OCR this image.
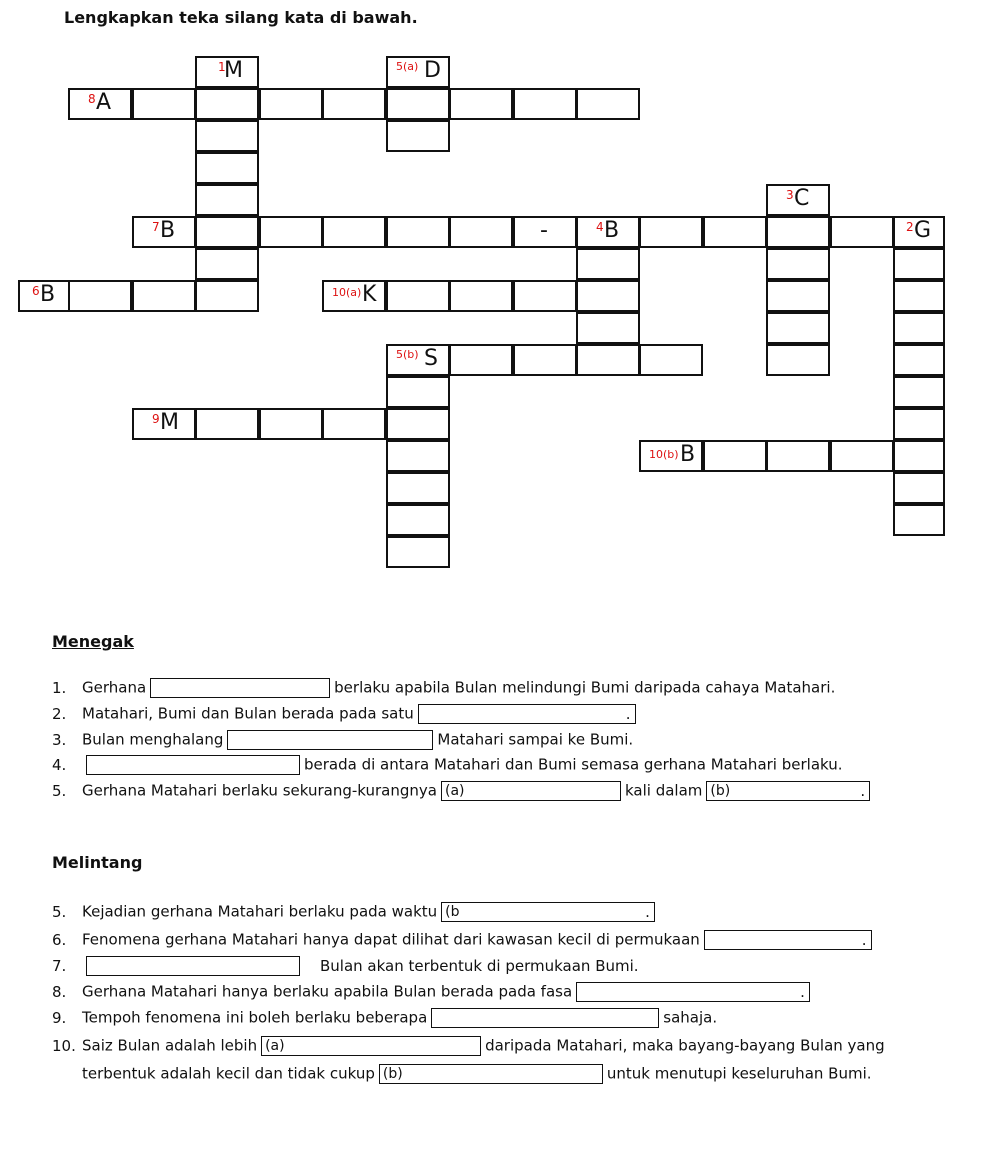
Lengkapkan teka silang kata di bawah.
1
M	5(a) D
8 A
3 C
7 B	-	4 B	2 G
6 B	10(a) K
5(b) S
9 M
10(b) B
Menegak
1. Gerhana	berlaku apabila Bulan melindungi Bumi daripada cahaya Matahari.
2. Matahari, Bumi dan Bulan berada pada satu	.
3. Bulan menghalang	Matahari sampai ke Bumi.
4.	berada di antara Matahari dan Bumi semasa gerhana Matahari berlaku.
5. Gerhana Matahari berlaku sekurang-kurangnya (a)	kali dalam (b)	.
Melintang
5. Kejadian gerhana Matahari berlaku pada waktu (b	.
6. Fenomena gerhana Matahari hanya dapat dilihat dari kawasan kecil di permukaan	.
7.	Bulan akan terbentuk di permukaan Bumi.
8. Gerhana Matahari hanya berlaku apabila Bulan berada pada fasa	.
9. Tempoh fenomena ini boleh berlaku beberapa	sahaja.
10. Saiz Bulan adalah lebih (a)	daripada Matahari, maka bayang-bayang Bulan yang
terbentuk adalah kecil dan tidak cukup (b)	untuk menutupi keseluruhan Bumi.
